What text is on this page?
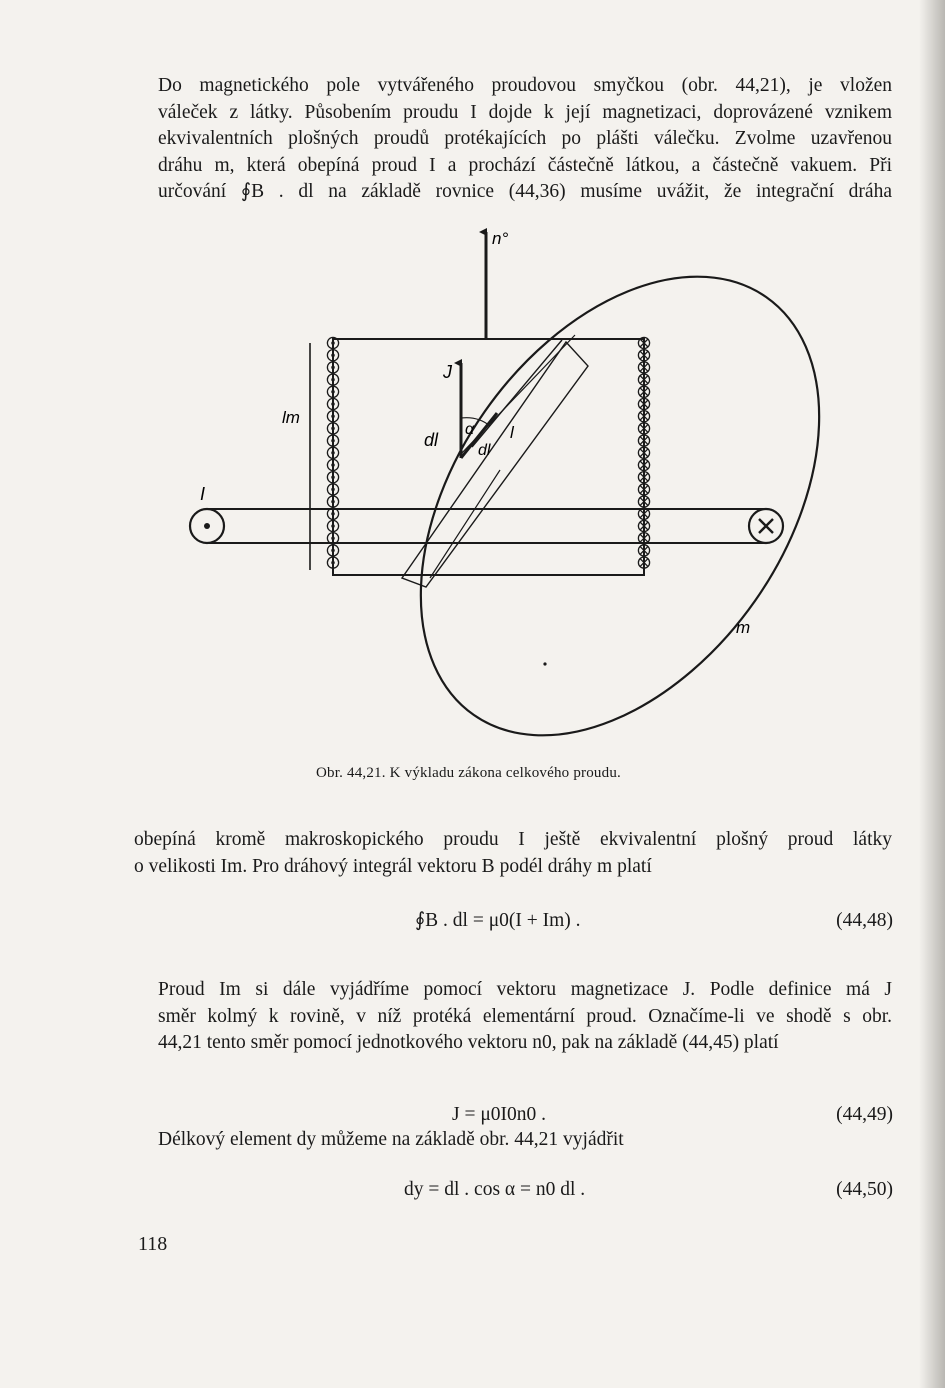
Do magnetického pole vytvářeného proudovou smyčkou (obr. 44,21), je vložen
váleček z látky. Působením proudu I dojde k její magnetizaci, doprovázené vznikem
ekvivalentních plošných proudů protékajících po plášti válečku. Zvolme uzavřenou
dráhu m, která obepíná proud I a prochází částečně látkou, a částečně vakuem. Při
určování ∮B . dl na základě rovnice (44,36) musíme uvážit, že integrační dráha

n°
J
α
dl
dl
l
lm
I
m
Obr. 44,21. K výkladu zákona celkového proudu.

obepíná kromě makroskopického proudu I ještě ekvivalentní plošný proud látky
o velikosti Im. Pro dráhový integrál vektoru B podél dráhy m platí

∮B . dl = μ0(I + Im) .	(44,48)

Proud Im si dále vyjádříme pomocí vektoru magnetizace J. Podle definice má J
směr kolmý k rovině, v níž protéká elementární proud. Označíme-li ve shodě s obr.
44,21 tento směr pomocí jednotkového vektoru n0, pak na základě (44,45) platí

J = μ0I0n0 .	(44,49)

Délkový element dy můžeme na základě obr. 44,21 vyjádřit

dy = dl . cos α = n0 dl .	(44,50)
118
